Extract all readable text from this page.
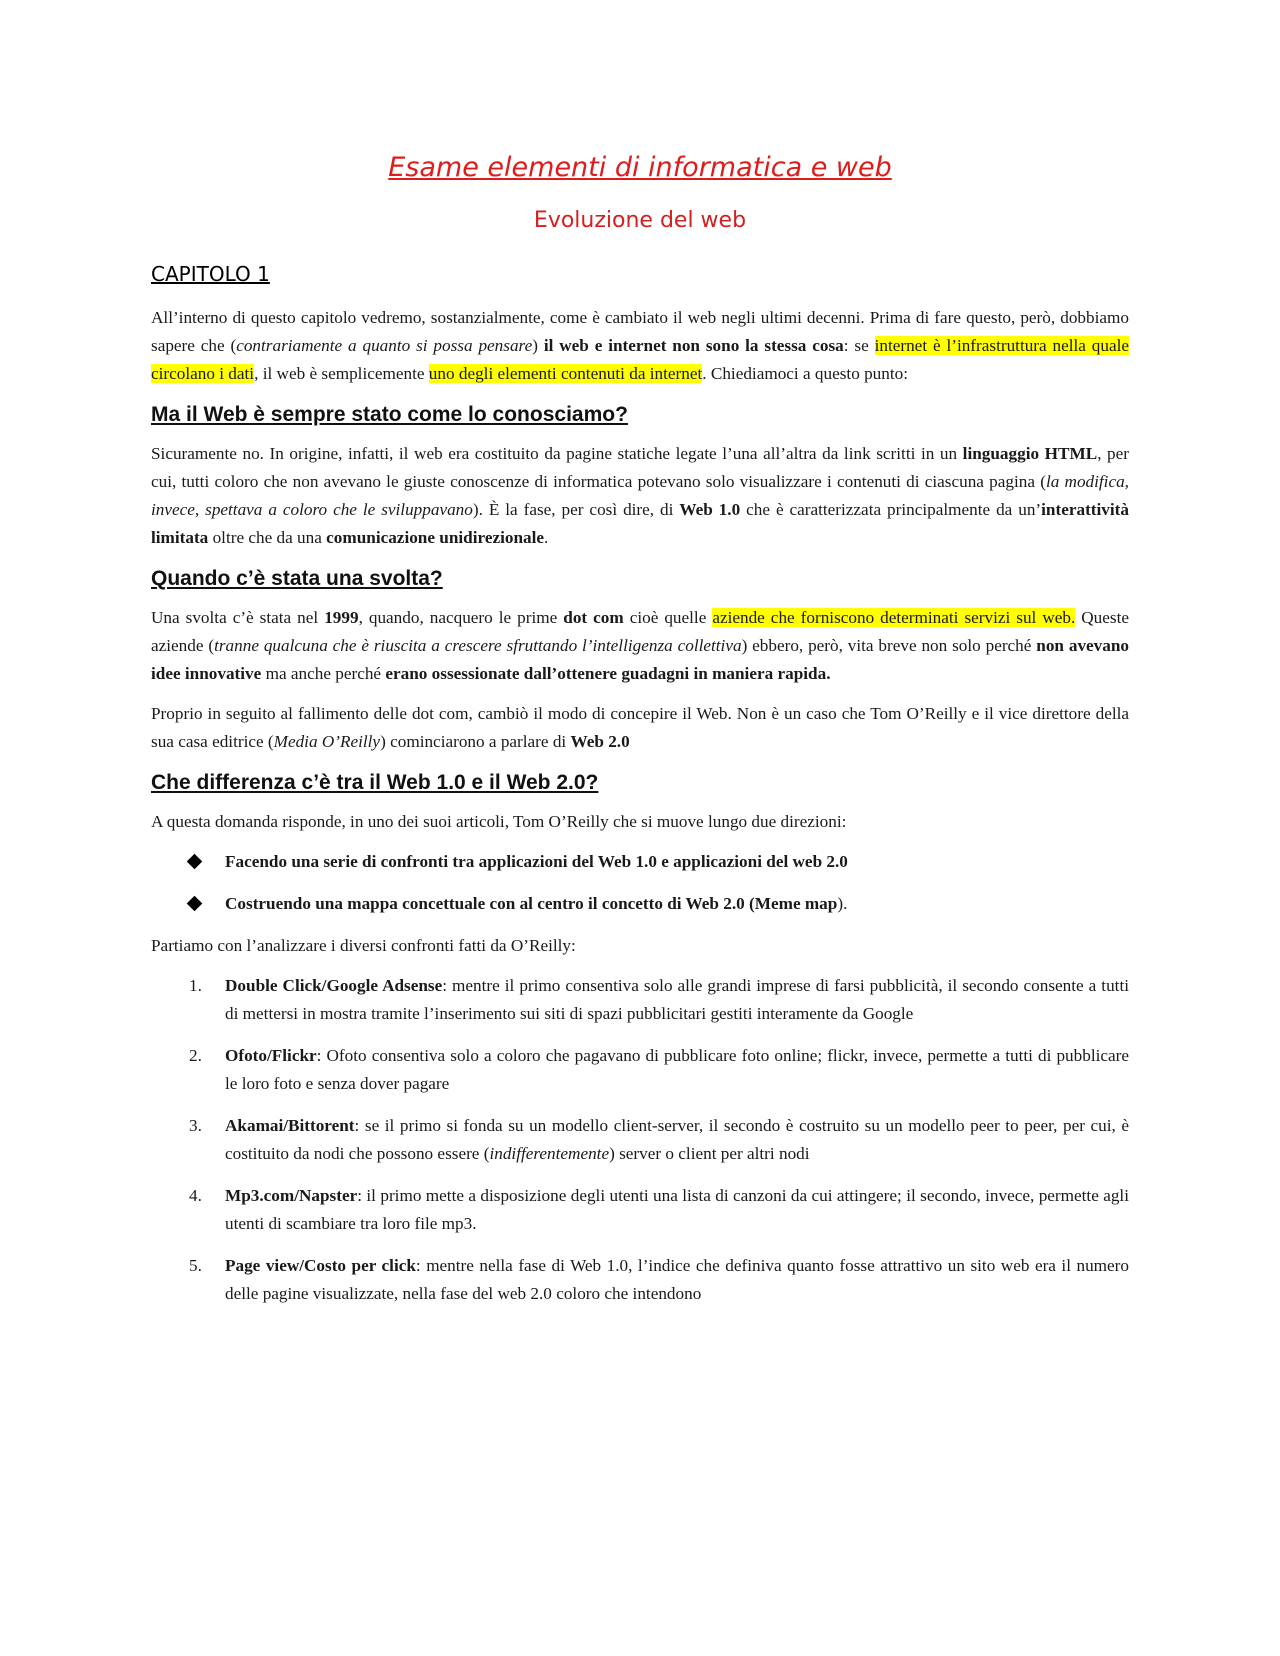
Esame elementi di informatica e web
Evoluzione del web
CAPITOLO 1

All’interno di questo capitolo vedremo, sostanzialmente, come è cambiato il web negli ultimi decenni. Prima di fare questo, però, dobbiamo sapere che (contrariamente a quanto si possa pensare) il web e internet non sono la stessa cosa: se internet è l’infrastruttura nella quale circolano i dati, il web è semplicemente uno degli elementi contenuti da internet. Chiediamoci a questo punto:

Ma il Web è sempre stato come lo conosciamo?

Sicuramente no. In origine, infatti, il web era costituito da pagine statiche legate l’una all’altra da link scritti in un linguaggio HTML, per cui, tutti coloro che non avevano le giuste conoscenze di informatica potevano solo visualizzare i contenuti di ciascuna pagina (la modifica, invece, spettava a coloro che le sviluppavano). È la fase, per così dire, di Web 1.0 che è caratterizzata principalmente da un’interattività limitata oltre che da una comunicazione unidirezionale.

Quando c’è stata una svolta?

Una svolta c’è stata nel 1999, quando, nacquero le prime dot com cioè quelle aziende che forniscono determinati servizi sul web. Queste aziende (tranne qualcuna che è riuscita a crescere sfruttando l’intelligenza collettiva) ebbero, però, vita breve non solo perché non avevano idee innovative ma anche perché erano ossessionate dall’ottenere guadagni in maniera rapida.

Proprio in seguito al fallimento delle dot com, cambiò il modo di concepire il Web. Non è un caso che Tom O’Reilly e il vice direttore della sua casa editrice (Media O’Reilly) cominciarono a parlare di Web 2.0

Che differenza c’è tra il Web 1.0 e il Web 2.0?

A questa domanda risponde, in uno dei suoi articoli, Tom O’Reilly che si muove lungo due direzioni:

Facendo una serie di confronti tra applicazioni del Web 1.0 e applicazioni del web 2.0
Costruendo una mappa concettuale con al centro il concetto di Web 2.0 (Meme map).

Partiamo con l’analizzare i diversi confronti fatti da O’Reilly:

1. Double Click/Google Adsense: mentre il primo consentiva solo alle grandi imprese di farsi pubblicità, il secondo consente a tutti di mettersi in mostra tramite l’inserimento sui siti di spazi pubblicitari gestiti interamente da Google
2. Ofoto/Flickr: Ofoto consentiva solo a coloro che pagavano di pubblicare foto online; flickr, invece, permette a tutti di pubblicare le loro foto e senza dover pagare
3. Akamai/Bittorent: se il primo si fonda su un modello client-server, il secondo è costruito su un modello peer to peer, per cui, è costituito da nodi che possono essere (indifferentemente) server o client per altri nodi
4. Mp3.com/Napster: il primo mette a disposizione degli utenti una lista di canzoni da cui attingere; il secondo, invece, permette agli utenti di scambiare tra loro file mp3.
5. Page view/Costo per click: mentre nella fase di Web 1.0, l’indice che definiva quanto fosse attrattivo un sito web era il numero delle pagine visualizzate, nella fase del web 2.0 coloro che intendono
